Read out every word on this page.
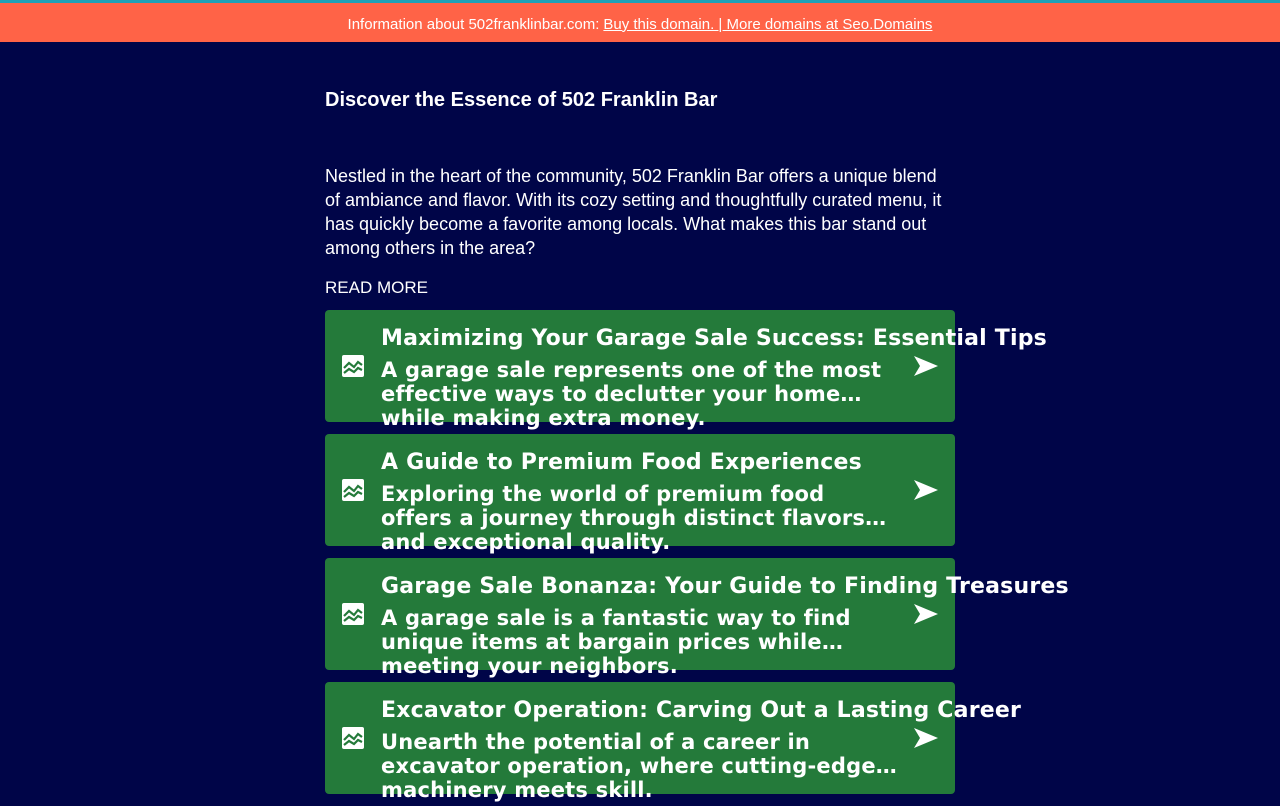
Information about 502franklinbar.com: Buy this domain. | More domains at Seo.Domains
Discover the Essence of 502 Franklin Bar

Nestled in the heart of the community, 502 Franklin Bar offers a unique blend of ambiance and flavor. With its cozy setting and thoughtfully curated menu, it has quickly become a favorite among locals. What makes this bar stand out among others in the area?

READ MORE
Maximizing Your Garage Sale Success: Essential Tips
A garage sale represents one of the most effective ways to declutter your home while making extra money.
A Guide to Premium Food Experiences
Exploring the world of premium food offers a journey through distinct flavors and exceptional quality.
Garage Sale Bonanza: Your Guide to Finding Treasures
A garage sale is a fantastic way to find unique items at bargain prices while meeting your neighbors.
Excavator Operation: Carving Out a Lasting Career
Unearth the potential of a career in excavator operation, where cutting-edge machinery meets skill.
